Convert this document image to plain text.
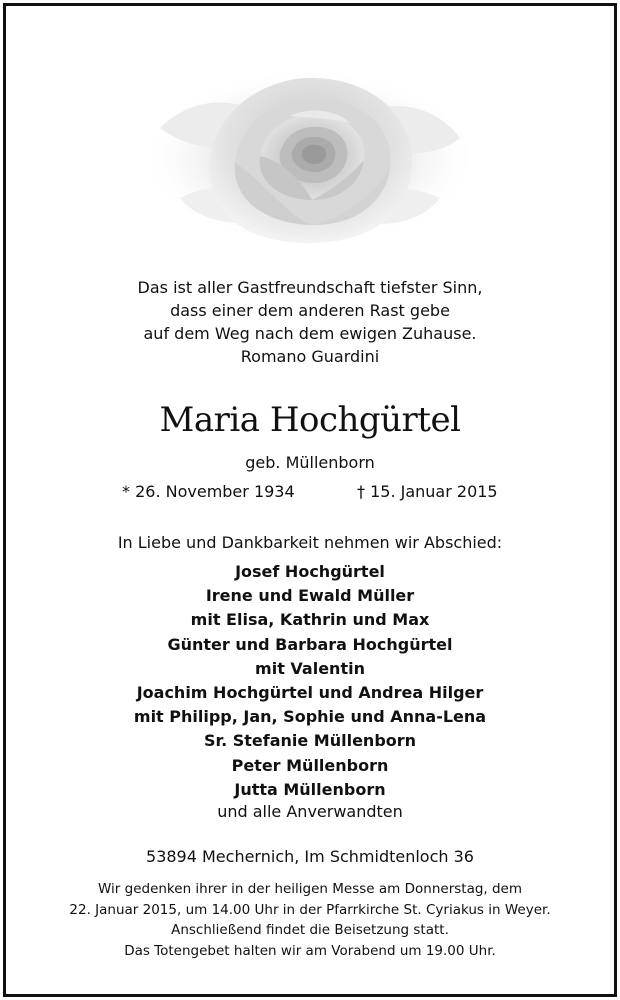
Das ist aller Gastfreundschaft tiefster Sinn,
dass einer dem anderen Rast gebe
auf dem Weg nach dem ewigen Zuhause.
Romano Guardini
Maria Hochgürtel
geb. Müllenborn
* 26. November 1934	† 15. Januar 2015
In Liebe und Dankbarkeit nehmen wir Abschied:
Josef Hochgürtel
Irene und Ewald Müller
mit Elisa, Kathrin und Max
Günter und Barbara Hochgürtel
mit Valentin
Joachim Hochgürtel und Andrea Hilger
mit Philipp, Jan, Sophie und Anna-Lena
Sr. Stefanie Müllenborn
Peter Müllenborn
Jutta Müllenborn
und alle Anverwandten
53894 Mechernich, Im Schmidtenloch 36
Wir gedenken ihrer in der heiligen Messe am Donnerstag, dem
22. Januar 2015, um 14.00 Uhr in der Pfarrkirche St. Cyriakus in Weyer.
Anschließend findet die Beisetzung statt.
Das Totengebet halten wir am Vorabend um 19.00 Uhr.
